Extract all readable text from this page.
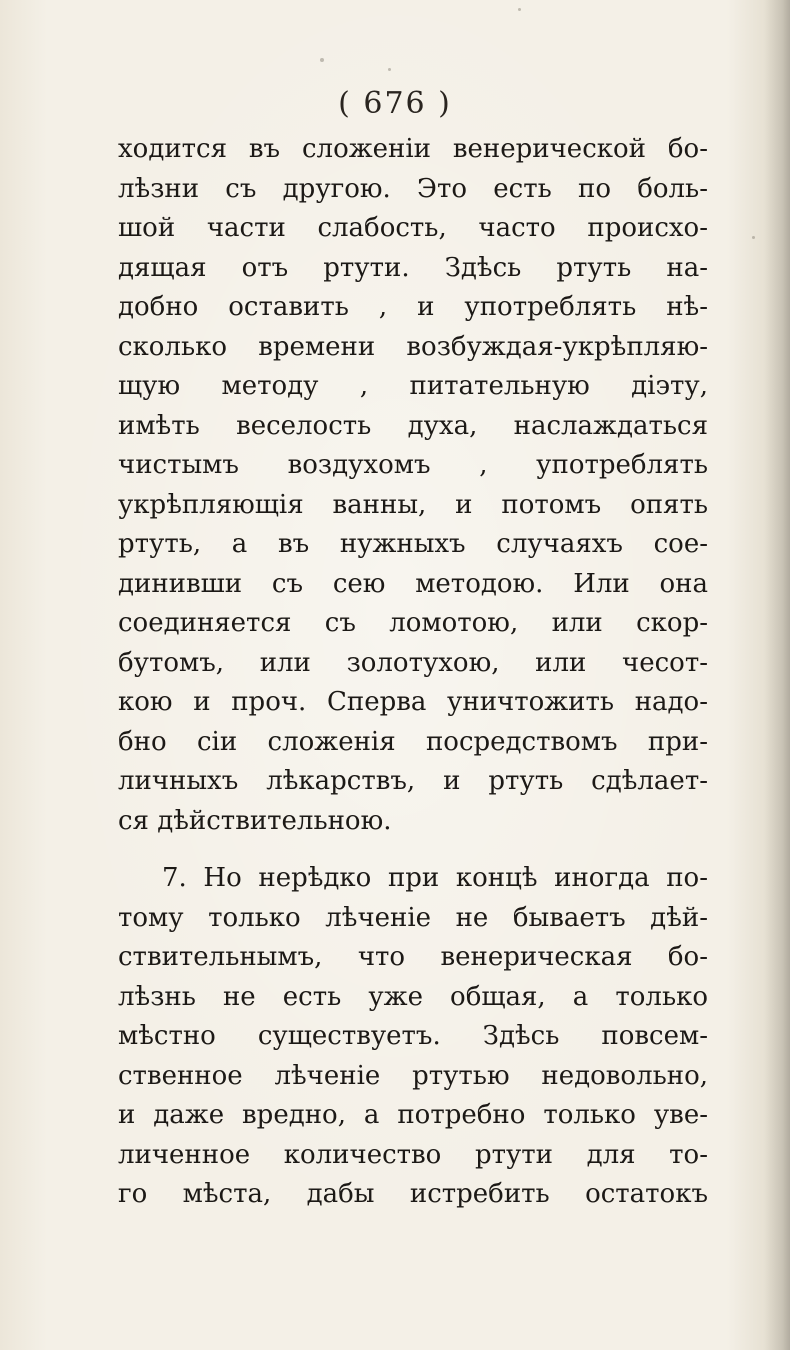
( 676 )
ходится въ сложенiи венерической бо-
лѣзни съ другою. Это есть по боль-
шой части слабость, часто происхо-
дящая отъ ртути. Здѣсь ртуть на-
добно оставить , и употреблять нѣ-
сколько времени возбуждая-укрѣпляю-
щую методу , питательную дiэту,
имѣть веселость духа, наслаждаться
чистымъ воздухомъ , употреблять
укрѣпляющiя ванны, и потомъ опять
ртуть, а въ нужныхъ случаяхъ сое-
динивши съ сею методою. Или она
соединяется съ ломотою, или скор-
бутомъ, или золотухою, или чесот-
кою и проч. Сперва уничтожить надо-
бно сiи сложенiя посредствомъ при-
личныхъ лѣкарствъ, и ртуть сдѣлает-
ся дѣйствительною.
7. Но нерѣдко при концѣ иногда по-
тому только лѣченiе не бываетъ дѣй-
ствительнымъ, что венерическая бо-
лѣзнь не есть уже общая, а только
мѣстно существуетъ. Здѣсь повсем-
ственное лѣченiе ртутью недовольно,
и даже вредно, а потребно только уве-
личенное количество ртути для то-
го мѣста, дабы истребить остатокъ
